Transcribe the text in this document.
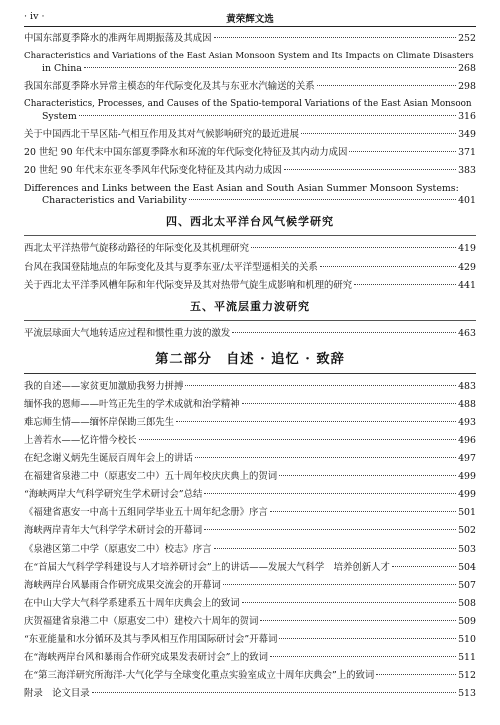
· iv ·	黄荣辉文选
中国东部夏季降水的准两年周期振荡及其成因	252
Characteristics and Variations of the East Asian Monsoon System and Its Impacts on Climate Disasters
in China	268
我国东部夏季降水异常主模态的年代际变化及其与东亚水汽输送的关系	298
Characteristics, Processes, and Causes of the Spatio-temporal Variations of the East Asian Monsoon
System	316
关于中国西北干旱区陆-气相互作用及其对气候影响研究的最近进展	349
20 世纪 90 年代末中国东部夏季降水和环流的年代际变化特征及其内动力成因	371
20 世纪 90 年代末东亚冬季风年代际变化特征及其内动力成因	383
Differences and Links between the East Asian and South Asian Summer Monsoon Systems:
Characteristics and Variability	401
四、西北太平洋台风气候学研究
西北太平洋热带气旋移动路径的年际变化及其机理研究	419
台风在我国登陆地点的年际变化及其与夏季东亚/太平洋型遥相关的关系	429
关于西北太平洋季风槽年际和年代际变异及其对热带气旋生成影响和机理的研究	441
五、平流层重力波研究
平流层球面大气地转适应过程和惯性重力波的激发	463
第二部分　自述 · 追忆 · 致辞
我的自述——家贫更加激励我努力拼搏	483
缅怀我的恩师——叶笃正先生的学术成就和治学精神	488
难忘师生情——缅怀岸保勘三郎先生	493
上善若水——忆许惜今校长	496
在纪念谢义炳先生诞辰百周年会上的讲话	497
在福建省泉港二中（原惠安二中）五十周年校庆庆典上的贺词	499
“海峡两岸大气科学研究生学术研讨会”总结	499
《福建省惠安一中高十五组同学毕业五十周年纪念册》序言	501
海峡两岸青年大气科学学术研讨会的开幕词	502
《泉港区第二中学（原惠安二中）校志》序言	503
在“首届大气科学学科建设与人才培养研讨会”上的讲话——发展大气科学　培养创新人才	504
海峡两岸台风暴雨合作研究成果交流会的开幕词	507
在中山大学大气科学系建系五十周年庆典会上的致词	508
庆贺福建省泉港二中（原惠安二中）建校六十周年的贺词	509
“东亚能量和水分循环及其与季风相互作用国际研讨会”开幕词	510
在“海峡两岸台风和暴雨合作研究成果发表研讨会”上的致词	511
在“第三海洋研究所海洋-大气化学与全球变化重点实验室成立十周年庆典会”上的致词	512
附录　论文目录	513
